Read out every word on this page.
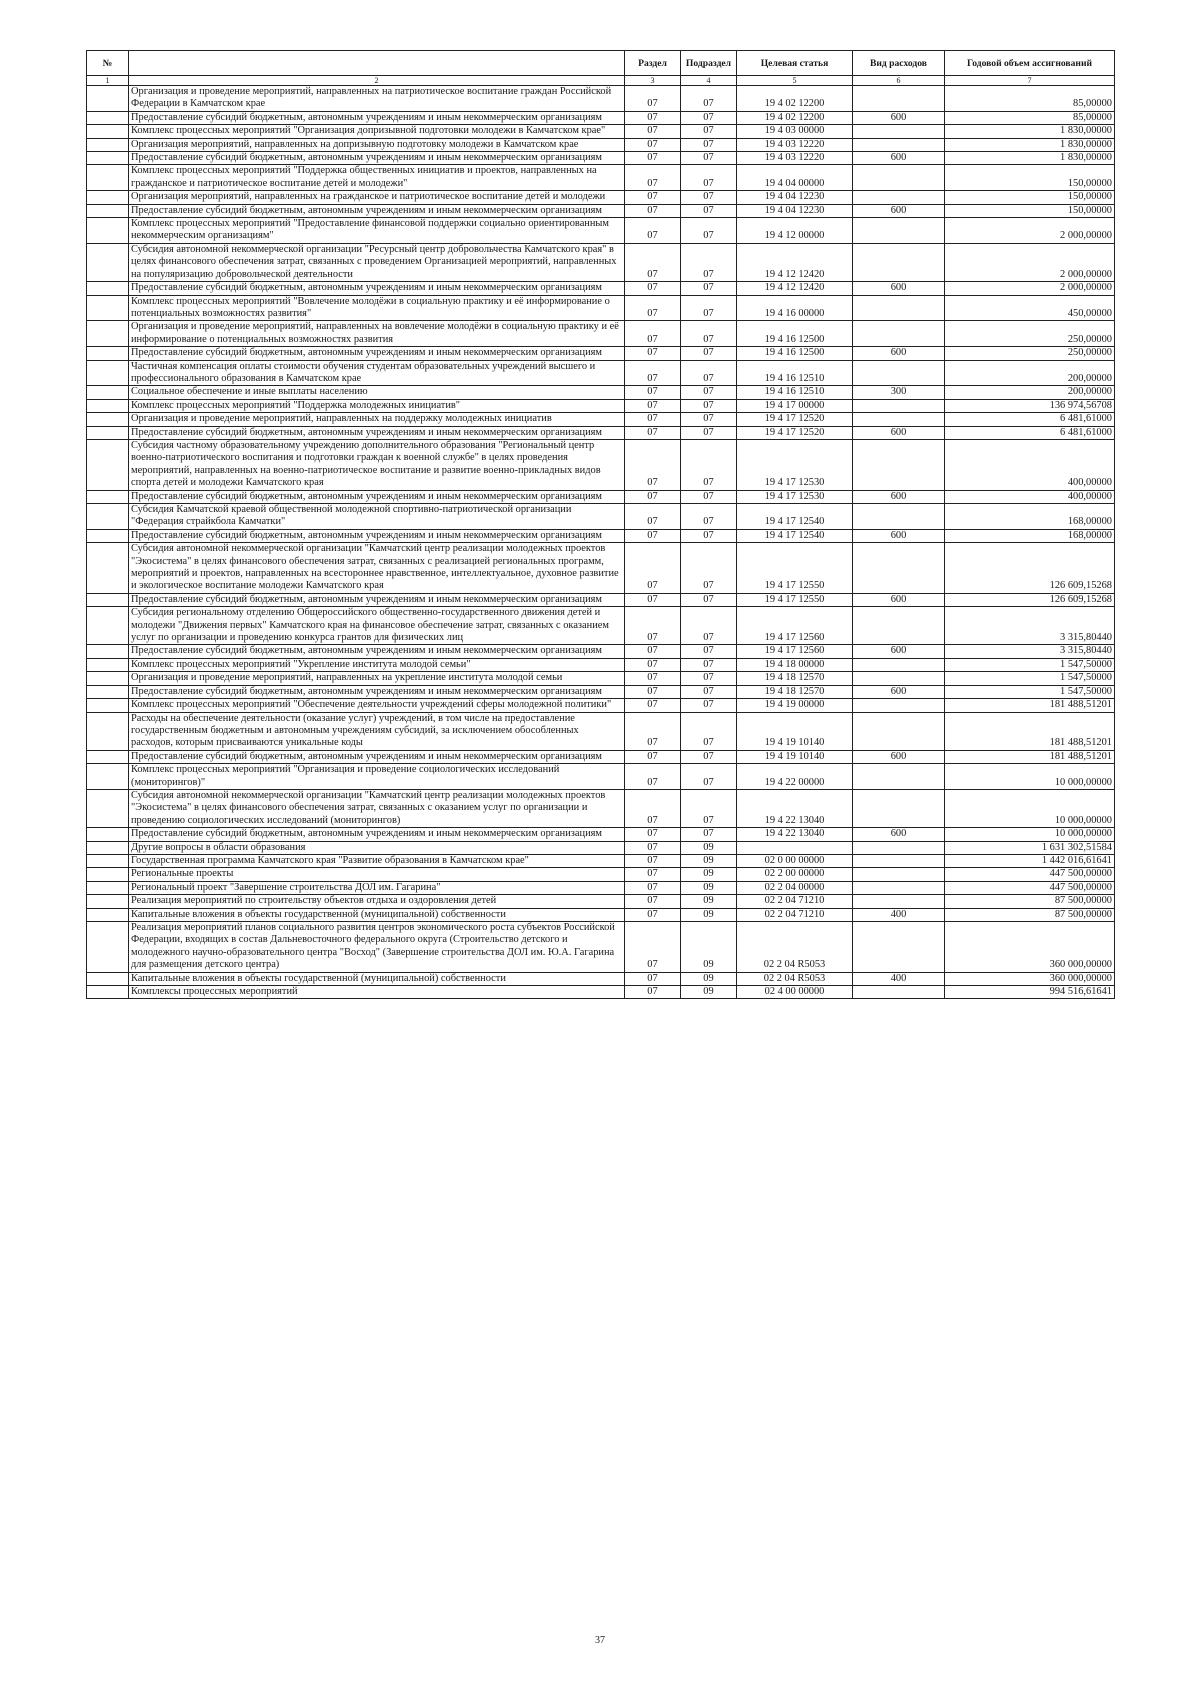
№		Раздел	Подраздел	Целевая статья	Вид расходов	Годовой объем ассигнований
1	2	3	4	5	6	7
	Организация и проведение мероприятий, направленных на патриотическое воспитание граждан Российской Федерации в Камчатском крае	07	07	19 4 02 12200		85,00000
	Предоставление субсидий бюджетным, автономным учреждениям и иным некоммерческим организациям	07	07	19 4 02 12200	600	85,00000
	Комплекс процессных мероприятий "Организация допризывной подготовки молодежи в Камчатском крае"	07	07	19 4 03 00000		1 830,00000
	Организация мероприятий, направленных на допризывную подготовку молодежи в Камчатском крае	07	07	19 4 03 12220		1 830,00000
	Предоставление субсидий бюджетным, автономным учреждениям и иным некоммерческим организациям	07	07	19 4 03 12220	600	1 830,00000
	Комплекс процессных мероприятий "Поддержка общественных инициатив и проектов, направленных на гражданское и патриотическое воспитание детей и молодежи"	07	07	19 4 04 00000		150,00000
	Организация мероприятий, направленных на гражданское и патриотическое воспитание детей и молодежи	07	07	19 4 04 12230		150,00000
	Предоставление субсидий бюджетным, автономным учреждениям и иным некоммерческим организациям	07	07	19 4 04 12230	600	150,00000
	Комплекс процессных мероприятий "Предоставление финансовой поддержки социально ориентированным некоммерческим организациям"	07	07	19 4 12 00000		2 000,00000
	Субсидия автономной некоммерческой организации "Ресурсный центр добровольчества Камчатского края" в целях финансового обеспечения затрат, связанных с проведением Организацией мероприятий, направленных на популяризацию добровольческой деятельности	07	07	19 4 12 12420		2 000,00000
	Предоставление субсидий бюджетным, автономным учреждениям и иным некоммерческим организациям	07	07	19 4 12 12420	600	2 000,00000
	Комплекс процессных мероприятий "Вовлечение молодёжи в социальную практику и её информирование о потенциальных возможностях развития"	07	07	19 4 16 00000		450,00000
	Организация и проведение мероприятий, направленных на вовлечение молодёжи в социальную практику и её информирование о потенциальных возможностях развития	07	07	19 4 16 12500		250,00000
	Предоставление субсидий бюджетным, автономным учреждениям и иным некоммерческим организациям	07	07	19 4 16 12500	600	250,00000
	Частичная компенсация оплаты стоимости обучения студентам образовательных учреждений высшего и профессионального образования в Камчатском крае	07	07	19 4 16 12510		200,00000
	Социальное обеспечение и иные выплаты населению	07	07	19 4 16 12510	300	200,00000
	Комплекс процессных мероприятий "Поддержка молодежных инициатив"	07	07	19 4 17 00000		136 974,56708
	Организация и проведение мероприятий, направленных на поддержку молодежных инициатив	07	07	19 4 17 12520		6 481,61000
	Предоставление субсидий бюджетным, автономным учреждениям и иным некоммерческим организациям	07	07	19 4 17 12520	600	6 481,61000
	Субсидия частному образовательному учреждению дополнительного образования "Региональный центр военно-патриотического воспитания и подготовки граждан к военной службе" в целях проведения мероприятий, направленных на военно-патриотическое воспитание и развитие военно-прикладных видов спорта детей и молодежи Камчатского края	07	07	19 4 17 12530		400,00000
	Предоставление субсидий бюджетным, автономным учреждениям и иным некоммерческим организациям	07	07	19 4 17 12530	600	400,00000
	Субсидия Камчатской краевой общественной молодежной спортивно-патриотической организации "Федерация страйкбола Камчатки"	07	07	19 4 17 12540		168,00000
	Предоставление субсидий бюджетным, автономным учреждениям и иным некоммерческим организациям	07	07	19 4 17 12540	600	168,00000
	Субсидия автономной некоммерческой организации "Камчатский центр реализации молодежных проектов "Экосистема" в целях финансового обеспечения затрат, связанных с реализацией региональных программ, мероприятий и проектов, направленных на всестороннее нравственное, интеллектуальное, духовное развитие и экологическое воспитание молодежи Камчатского края	07	07	19 4 17 12550		126 609,15268
	Предоставление субсидий бюджетным, автономным учреждениям и иным некоммерческим организациям	07	07	19 4 17 12550	600	126 609,15268
	Субсидия региональному отделению Общероссийского общественно-государственного движения детей и молодежи "Движения первых" Камчатского края на финансовое обеспечение затрат, связанных с оказанием услуг по организации и проведению конкурса грантов для физических лиц	07	07	19 4 17 12560		3 315,80440
	Предоставление субсидий бюджетным, автономным учреждениям и иным некоммерческим организациям	07	07	19 4 17 12560	600	3 315,80440
	Комплекс процессных мероприятий "Укрепление института молодой семьи"	07	07	19 4 18 00000		1 547,50000
	Организация и проведение мероприятий, направленных на укрепление института молодой семьи	07	07	19 4 18 12570		1 547,50000
	Предоставление субсидий бюджетным, автономным учреждениям и иным некоммерческим организациям	07	07	19 4 18 12570	600	1 547,50000
	Комплекс процессных мероприятий "Обеспечение деятельности учреждений сферы молодежной политики"	07	07	19 4 19 00000		181 488,51201
	Расходы на обеспечение деятельности (оказание услуг) учреждений, в том числе на предоставление государственным бюджетным и автономным учреждениям субсидий, за исключением обособленных расходов, которым присваиваются уникальные коды	07	07	19 4 19 10140		181 488,51201
	Предоставление субсидий бюджетным, автономным учреждениям и иным некоммерческим организациям	07	07	19 4 19 10140	600	181 488,51201
	Комплекс процессных мероприятий "Организация и проведение социологических исследований (мониторингов)"	07	07	19 4 22 00000		10 000,00000
	Субсидия автономной некоммерческой организации "Камчатский центр реализации молодежных проектов "Экосистема" в целях финансового обеспечения затрат, связанных с оказанием услуг по организации и проведению социологических исследований (мониторингов)	07	07	19 4 22 13040		10 000,00000
	Предоставление субсидий бюджетным, автономным учреждениям и иным некоммерческим организациям	07	07	19 4 22 13040	600	10 000,00000
	Другие вопросы в области образования	07	09			1 631 302,51584
	Государственная программа Камчатского края "Развитие образования в Камчатском крае"	07	09	02 0 00 00000		1 442 016,61641
	Региональные проекты	07	09	02 2 00 00000		447 500,00000
	Региональный проект "Завершение строительства ДОЛ им. Гагарина"	07	09	02 2 04 00000		447 500,00000
	Реализация мероприятий по строительству объектов отдыха и оздоровления детей	07	09	02 2 04 71210		87 500,00000
	Капитальные вложения в объекты государственной (муниципальной) собственности	07	09	02 2 04 71210	400	87 500,00000
	Реализация мероприятий планов социального развития центров экономического роста субъектов Российской Федерации, входящих в состав Дальневосточного федерального округа (Строительство детского и молодежного научно-образовательного центра "Восход" (Завершение строительства ДОЛ им. Ю.А. Гагарина для размещения детского центра)	07	09	02 2 04 R5053		360 000,00000
	Капитальные вложения в объекты государственной (муниципальной) собственности	07	09	02 2 04 R5053	400	360 000,00000
	Комплексы процессных мероприятий	07	09	02 4 00 00000		994 516,61641
37
